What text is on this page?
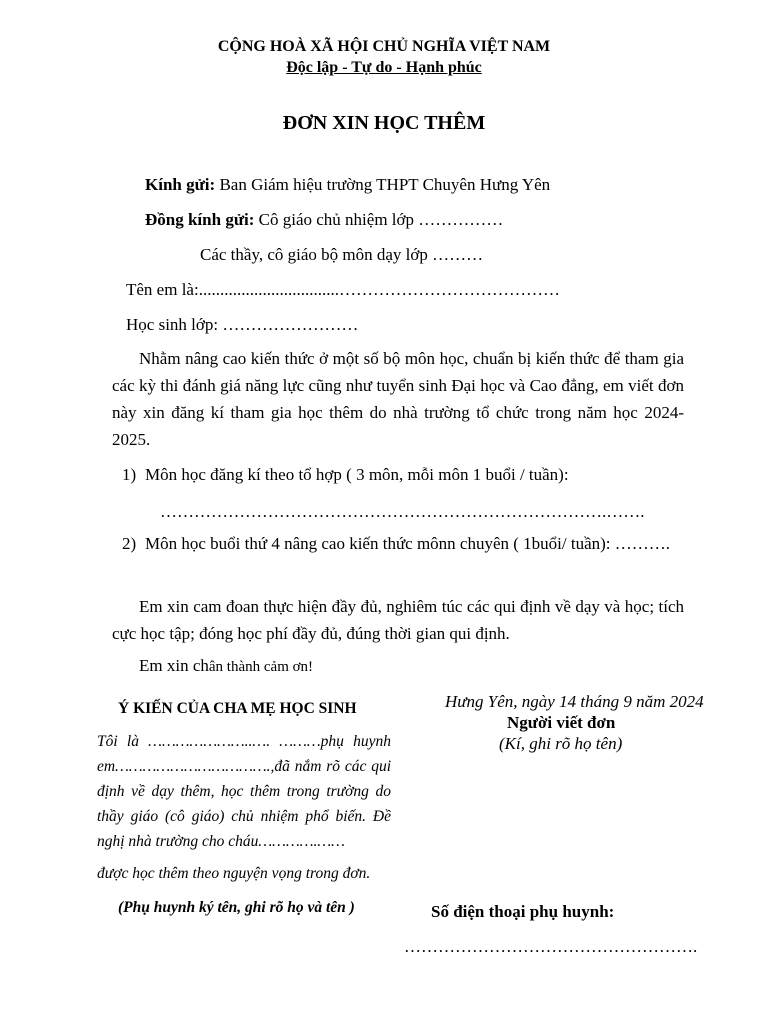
CỘNG HOÀ XÃ HỘI CHỦ NGHĨA VIỆT NAM
Độc lập - Tự do - Hạnh phúc
ĐƠN XIN HỌC THÊM
Kính gửi: Ban Giám hiệu trường THPT Chuyên Hưng Yên
Đồng kính gửi: Cô giáo chủ nhiệm lớp ……………
Các thầy, cô giáo bộ môn dạy lớp ………
Tên em là:.................................…………………………………
Học sinh lớp: ……………………
Nhằm nâng cao kiến thức ở một số bộ môn học, chuẩn bị kiến thức để tham gia các kỳ thi đánh giá năng lực cũng như tuyển sinh Đại học và Cao đẳng, em viết đơn này xin đăng kí tham gia học thêm do nhà trường tổ chức trong năm học 2024-2025.
1) Môn học đăng kí theo tổ hợp ( 3 môn, mỗi môn 1 buổi / tuần):
…………………………………………………………………….…….
2) Môn học buổi thứ 4 nâng cao kiến thức mônn chuyên ( 1buổi/ tuần): ……….
Em xin cam đoan thực hiện đầy đủ, nghiêm túc các qui định về dạy và học; tích cực học tập; đóng học phí đầy đủ, đúng thời gian qui định.
Em xin chân thành cảm ơn!
Ý KIẾN CỦA CHA MẸ HỌC SINH
Tôi là …………………..…. ………phụ huynh em…………………………….,đã nắm rõ các qui định về dạy thêm, học thêm trong trường do thầy giáo (cô giáo) chủ nhiệm phổ biến. Đề nghị nhà trường cho cháu………….……
được học thêm theo nguyện vọng trong đơn.
(Phụ huynh ký tên, ghi rõ họ và tên )
Hưng Yên, ngày 14 tháng 9 năm 2024
Người viết đơn
(Kí, ghi rõ họ tên)
Số điện thoại phụ huynh:
…………………………………………….
